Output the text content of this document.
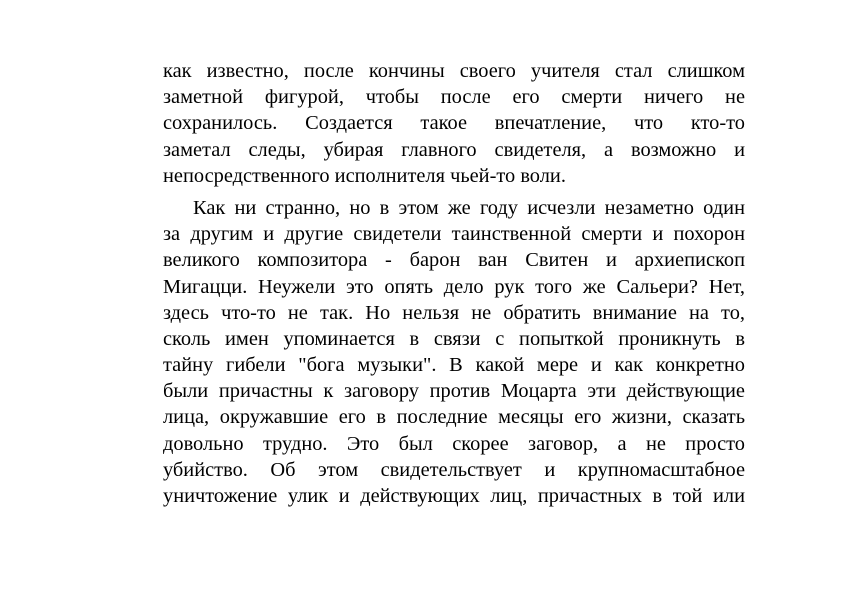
как известно, после кончины своего учителя стал слишком
заметной фигурой, чтобы после его смерти ничего не
сохранилось. Создается такое впечатление, что кто-то
заметал следы, убирая главного свидетеля, а возможно и
непосредственного исполнителя чьей-то воли.
Как ни странно, но в этом же году исчезли незаметно один
за другим и другие свидетели таинственной смерти и похорон
великого композитора - барон ван Свитен и архиепископ
Мигацци. Неужели это опять дело рук того же Сальери? Нет,
здесь что-то не так. Но нельзя не обратить внимание на то,
сколь имен упоминается в связи с попыткой проникнуть в
тайну гибели "бога музыки". В какой мере и как конкретно
были причастны к заговору против Моцарта эти действующие
лица, окружавшие его в последние месяцы его жизни, сказать
довольно трудно. Это был скорее заговор, а не просто
убийство. Об этом свидетельствует и крупномасштабное
уничтожение улик и действующих лиц, причастных в той или
